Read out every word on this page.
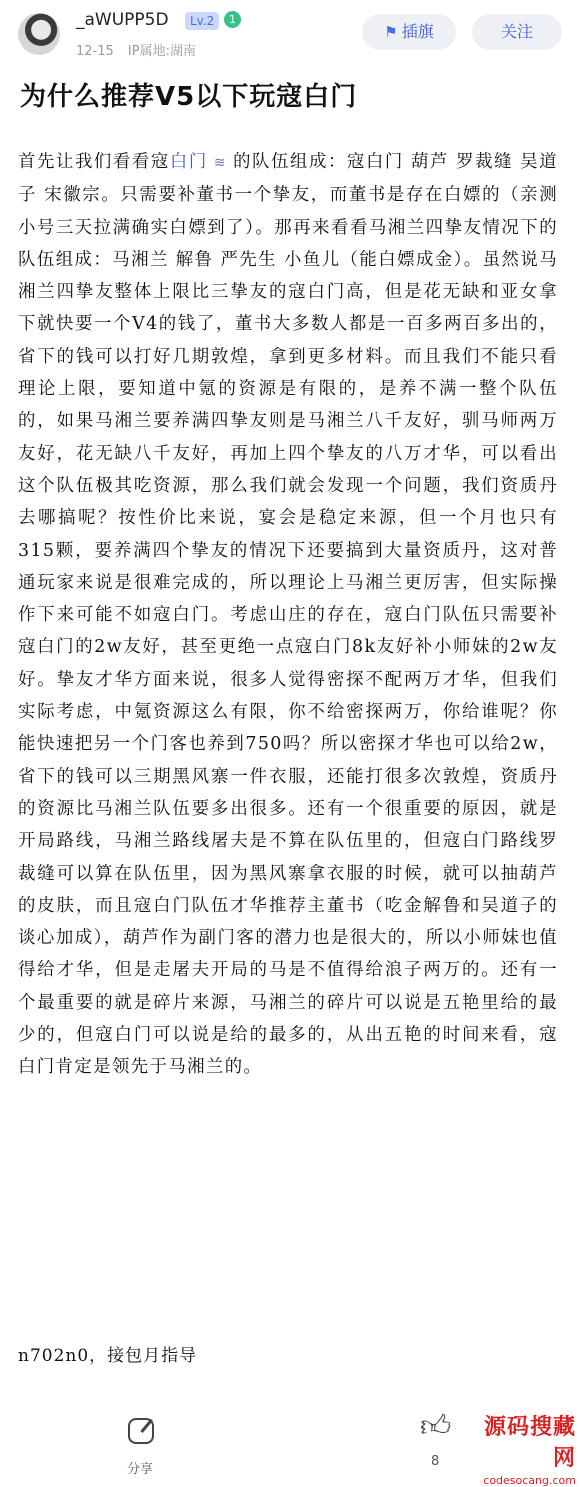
_aWUPP5D	Lv.2	1
12-15 IP属地:湖南
⚑ 插旗	关注
为什么推荐V5以下玩寇白门

首先让我们看看寇白门 ≋ 的队伍组成：寇白门 葫芦 罗裁缝 吴道子 宋徽宗。只需要补董书一个挚友，而董书是存在白嫖的（亲测小号三天拉满确实白嫖到了）。那再来看看马湘兰四挚友情况下的队伍组成：马湘兰 解鲁 严先生 小鱼儿（能白嫖成金）。虽然说马湘兰四挚友整体上限比三挚友的寇白门高，但是花无缺和亚女拿下就快要一个V4的钱了，董书大多数人都是一百多两百多出的，省下的钱可以打好几期敦煌，拿到更多材料。而且我们不能只看理论上限，要知道中氪的资源是有限的，是养不满一整个队伍的，如果马湘兰要养满四挚友则是马湘兰八千友好，驯马师两万友好，花无缺八千友好，再加上四个挚友的八万才华，可以看出这个队伍极其吃资源，那么我们就会发现一个问题，我们资质丹去哪搞呢？按性价比来说，宴会是稳定来源，但一个月也只有315颗，要养满四个挚友的情况下还要搞到大量资质丹，这对普通玩家来说是很难完成的，所以理论上马湘兰更厉害，但实际操作下来可能不如寇白门。考虑山庄的存在，寇白门队伍只需要补寇白门的2w友好，甚至更绝一点寇白门8k友好补小师妹的2w友好。挚友才华方面来说，很多人觉得密探不配两万才华，但我们实际考虑，中氪资源这么有限，你不给密探两万，你给谁呢？你能快速把另一个门客也养到750吗？所以密探才华也可以给2w，省下的钱可以三期黑风寨一件衣服，还能打很多次敦煌，资质丹的资源比马湘兰队伍要多出很多。还有一个很重要的原因，就是开局路线，马湘兰路线屠夫是不算在队伍里的，但寇白门路线罗裁缝可以算在队伍里，因为黑风寨拿衣服的时候，就可以抽葫芦的皮肤，而且寇白门队伍才华推荐主董书（吃金解鲁和吴道子的谈心加成），葫芦作为副门客的潜力也是很大的，所以小师妹也值得给才华，但是走屠夫开局的马是不值得给浪子两万的。还有一个最重要的就是碎片来源，马湘兰的碎片可以说是五艳里给的最少的，但寇白门可以说是给的最多的，从出五艳的时间来看，寇白门肯定是领先于马湘兰的。

n702n0，接包月指导
分享
👍︎
8
源码搜藏网
codesocang.com
